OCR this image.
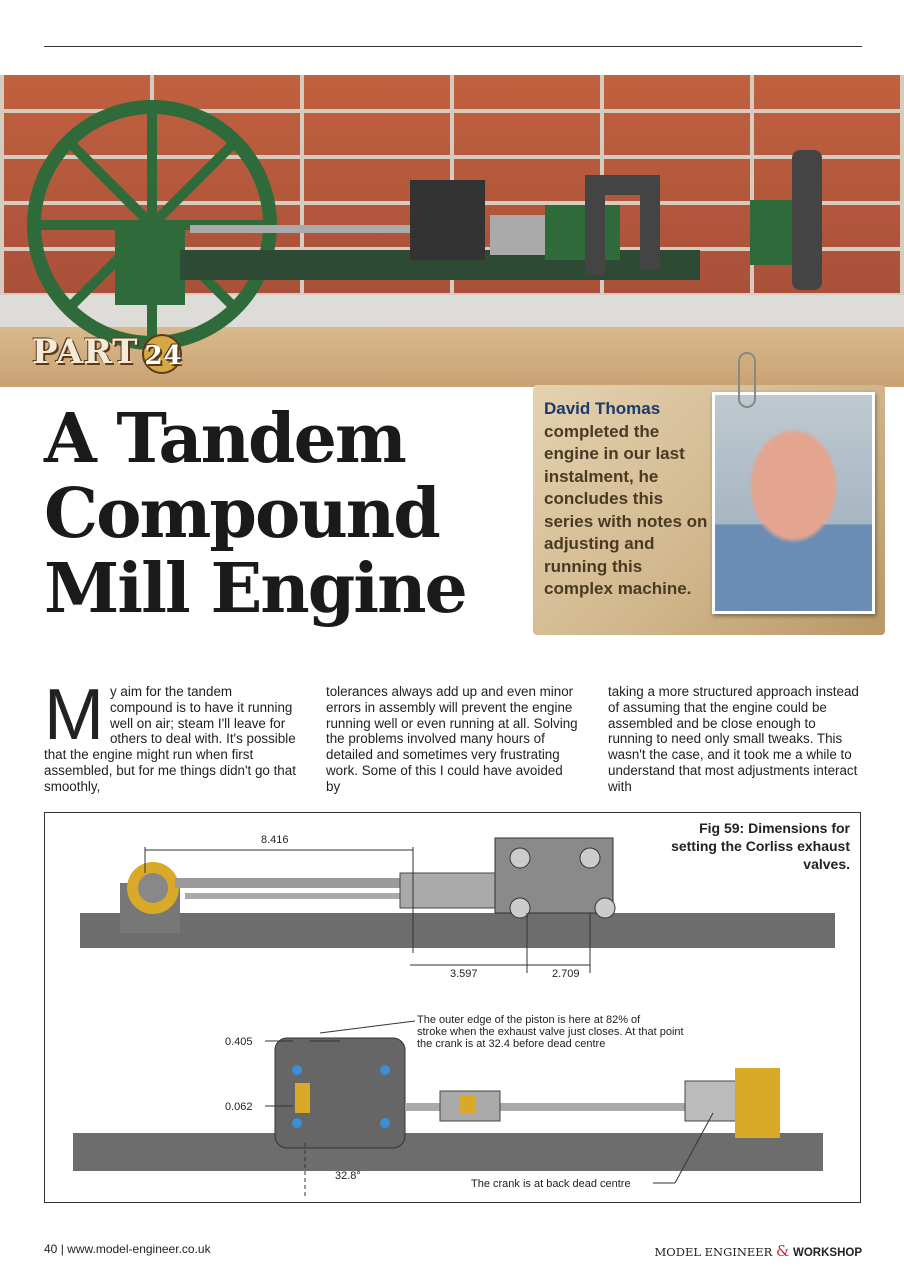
PART 24
A Tandem
Compound
Mill Engine
David Thomas completed the engine in our last instalment, he concludes this series with notes on adjusting and running this complex machine.
My aim for the tandem compound is to have it running well on air; steam I'll leave for others to deal with. It's possible that the engine might run when first assembled, but for me things didn't go that smoothly,
tolerances always add up and even minor errors in assembly will prevent the engine running well or even running at all. Solving the problems involved many hours of detailed and sometimes very frustrating work. Some of this I could have avoided by
taking a more structured approach instead of assuming that the engine could be assembled and be close enough to running to need only small tweaks. This wasn't the case, and it took me a while to understand that most adjustments interact with
Fig 59: Dimensions for setting the Corliss exhaust valves.
8.416
3.597	2.709
0.405
0.062
32.8°
The outer edge of the piston is here at 82% of
stroke when the exhaust valve just closes. At that point
the crank is at 32.4 before dead centre
The crank is at back dead centre
40 | www.model-engineer.co.uk	MODEL ENGINEER & WORKSHOP
